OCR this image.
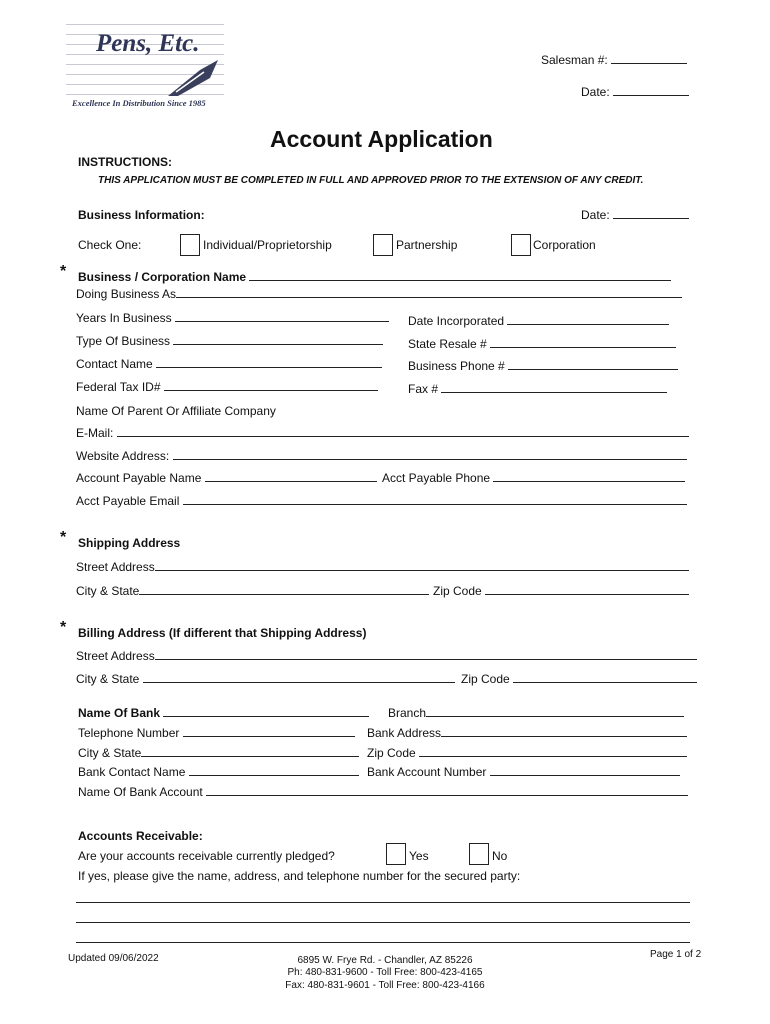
Pens, Etc.
Excellence In Distribution Since 1985
Salesman #:
Date:
Account Application
INSTRUCTIONS:
THIS APPLICATION MUST BE COMPLETED IN FULL AND APPROVED PRIOR TO THE EXTENSION OF ANY CREDIT.
Business Information:	Date:
Check One:	Individual/Proprietorship	Partnership	Corporation
* Business / Corporation Name
Doing Business As
Years In Business	Date Incorporated
Type Of Business	State Resale #
Contact Name	Business Phone #
Federal Tax ID#	Fax #
Name Of Parent Or Affiliate Company
E-Mail:
Website Address:
Account Payable Name	Acct Payable Phone
Acct Payable Email
* Shipping Address
Street Address
City & State	Zip Code
* Billing Address (If different that Shipping Address)
Street Address
City & State	Zip Code
Name Of Bank	Branch
Telephone Number	Bank Address
City & State	Zip Code
Bank Contact Name	Bank Account Number
Name Of Bank Account
Accounts Receivable:
Are your accounts receivable currently pledged?	Yes	No
If yes, please give the name, address, and telephone number for the secured party:
Updated 09/06/2022	6895 W. Frye Rd. - Chandler, AZ 85226
Ph: 480-831-9600 - Toll Free: 800-423-4165
Fax: 480-831-9601 - Toll Free: 800-423-4166
Page 1 of 2
